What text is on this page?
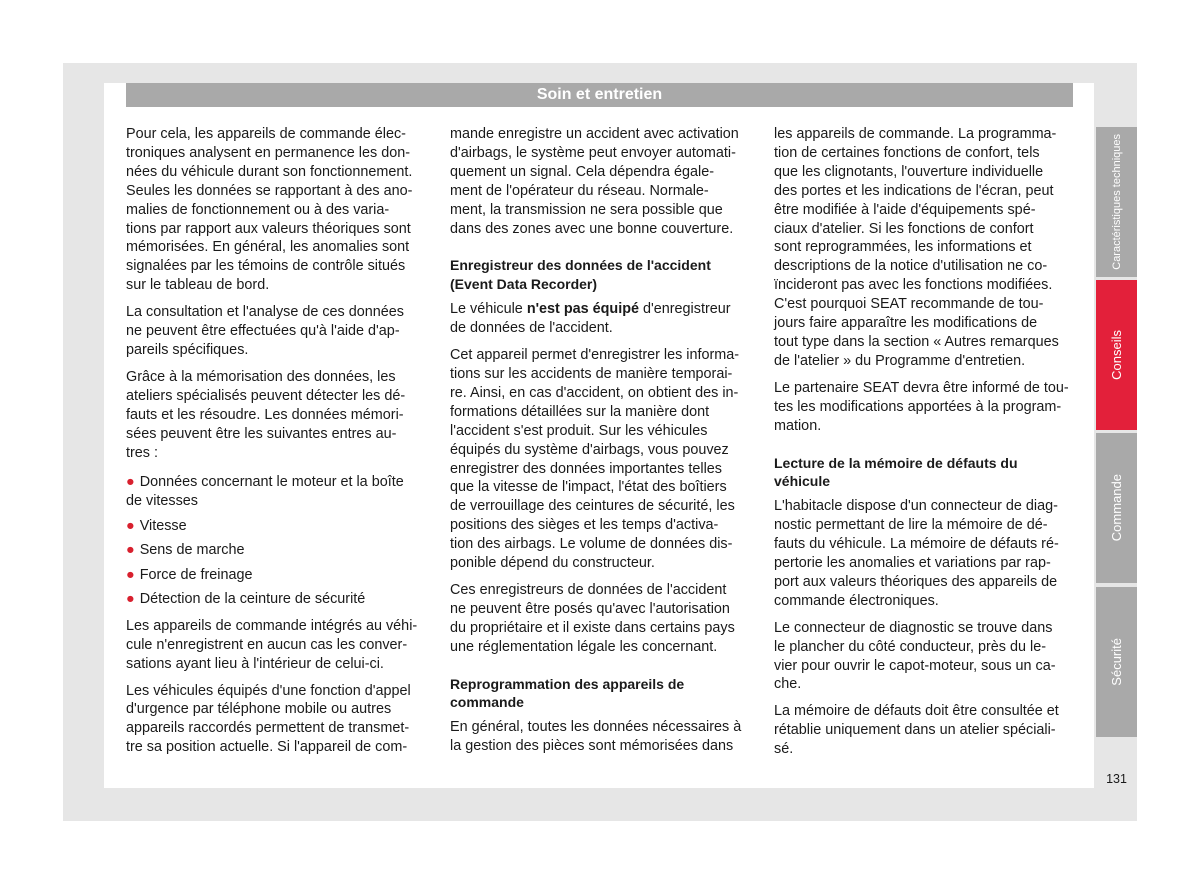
Soin et entretien

Pour cela, les appareils de commande élec-
troniques analysent en permanence les don-
nées du véhicule durant son fonctionnement.
Seules les données se rapportant à des ano-
malies de fonctionnement ou à des varia-
tions par rapport aux valeurs théoriques sont
mémorisées. En général, les anomalies sont
signalées par les témoins de contrôle situés
sur le tableau de bord.

La consultation et l'analyse de ces données
ne peuvent être effectuées qu'à l'aide d'ap-
pareils spécifiques.

Grâce à la mémorisation des données, les
ateliers spécialisés peuvent détecter les dé-
fauts et les résoudre. Les données mémori-
sées peuvent être les suivantes entres au-
tres :

● Données concernant le moteur et la boîte
de vitesses
● Vitesse
● Sens de marche
● Force de freinage
● Détection de la ceinture de sécurité

Les appareils de commande intégrés au véhi-
cule n'enregistrent en aucun cas les conver-
sations ayant lieu à l'intérieur de celui-ci.

Les véhicules équipés d'une fonction d'appel
d'urgence par téléphone mobile ou autres
appareils raccordés permettent de transmet-
tre sa position actuelle. Si l'appareil de com-

mande enregistre un accident avec activation
d'airbags, le système peut envoyer automati-
quement un signal. Cela dépendra égale-
ment de l'opérateur du réseau. Normale-
ment, la transmission ne sera possible que
dans des zones avec une bonne couverture.

Enregistreur des données de l'accident
(Event Data Recorder)

Le véhicule n'est pas équipé d'enregistreur
de données de l'accident.

Cet appareil permet d'enregistrer les informa-
tions sur les accidents de manière temporai-
re. Ainsi, en cas d'accident, on obtient des in-
formations détaillées sur la manière dont
l'accident s'est produit. Sur les véhicules
équipés du système d'airbags, vous pouvez
enregistrer des données importantes telles
que la vitesse de l'impact, l'état des boîtiers
de verrouillage des ceintures de sécurité, les
positions des sièges et les temps d'activa-
tion des airbags. Le volume de données dis-
ponible dépend du constructeur.

Ces enregistreurs de données de l'accident
ne peuvent être posés qu'avec l'autorisation
du propriétaire et il existe dans certains pays
une réglementation légale les concernant.

Reprogrammation des appareils de
commande

En général, toutes les données nécessaires à
la gestion des pièces sont mémorisées dans

les appareils de commande. La programma-
tion de certaines fonctions de confort, tels
que les clignotants, l'ouverture individuelle
des portes et les indications de l'écran, peut
être modifiée à l'aide d'équipements spé-
ciaux d'atelier. Si les fonctions de confort
sont reprogrammées, les informations et
descriptions de la notice d'utilisation ne co-
ïncideront pas avec les fonctions modifiées.
C'est pourquoi SEAT recommande de tou-
jours faire apparaître les modifications de
tout type dans la section « Autres remarques
de l'atelier » du Programme d'entretien.

Le partenaire SEAT devra être informé de tou-
tes les modifications apportées à la program-
mation.

Lecture de la mémoire de défauts du véhicule

L'habitacle dispose d'un connecteur de diag-
nostic permettant de lire la mémoire de dé-
fauts du véhicule. La mémoire de défauts ré-
pertorie les anomalies et variations par rap-
port aux valeurs théoriques des appareils de
commande électroniques.

Le connecteur de diagnostic se trouve dans
le plancher du côté conducteur, près du le-
vier pour ouvrir le capot-moteur, sous un ca-
che.

La mémoire de défauts doit être consultée et
rétablie uniquement dans un atelier spéciali-
sé.

Caractéristiques techniques
Conseils
Commande
Sécurité
131
